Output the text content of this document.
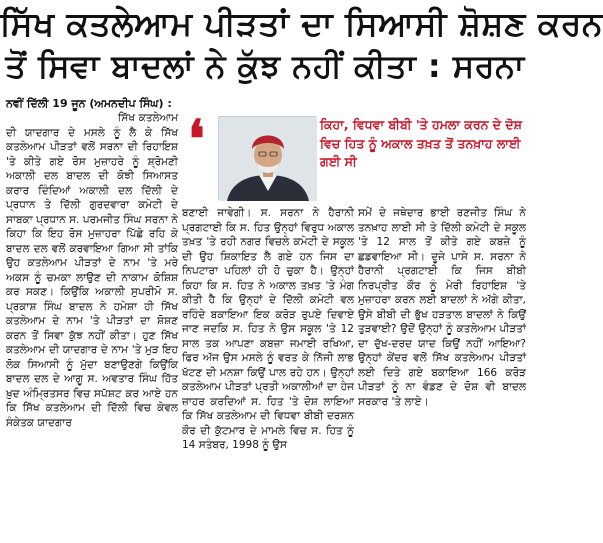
ਸਿੱਖ ਕਤਲੇਆਮ ਪੀੜਤਾਂ ਦਾ ਸਿਆਸੀ ਸ਼ੋਸ਼ਣ ਕਰਨ
ਤੋਂ ਸਿਵਾ ਬਾਦਲਾਂ ਨੇ ਕੁੱਝ ਨਹੀਂ ਕੀਤਾ : ਸਰਨਾ
ਨਵੀਂ ਦਿੱਲੀ 19 ਜੂਨ (ਅਮਨਦੀਪ ਸਿੰਘ) :

ਸਿੱਖ ਕਤਲੇਆਮ ਦੀ ਯਾਦਗਾਰ ਦੇ ਮਸਲੇ ਨੂੰ ਲੈ ਕੇ ਸਿੱਖ ਕਤਲੇਆਮ ਪੀੜਤਾਂ ਵਲੋਂ ਸਰਨਾ ਦੀ ਰਿਹਾਇਸ਼ 'ਤੇ ਕੀਤੇ ਗਏ ਰੋਸ ਮੁਜ਼ਾਹਰੇ ਨੂੰ ਸ਼੍ਰੋਮਣੀ ਅਕਾਲੀ ਦਲ ਬਾਦਲ ਦੀ ਕੋਝੀ ਸਿਆਸਤ ਕਰਾਰ ਦਿੰਦਿਆਂ ਅਕਾਲੀ ਦਲ ਦਿੱਲੀ ਦੇ ਪ੍ਰਧਾਨ ਤੇ ਦਿੱਲੀ ਗੁਰਦਵਾਰਾ ਕਮੇਟੀ ਦੇ ਸਾਬਕਾ ਪ੍ਰਧਾਨ ਸ. ਪਰਮਜੀਤ ਸਿੰਘ ਸਰਨਾ ਨੇ ਕਿਹਾ ਕਿ ਇਹ ਰੋਸ ਮੁਜ਼ਾਹਰਾ ਪਿੱਛੇ ਰਹਿ ਕੇ ਬਾਦਲ ਦਲ ਵਲੋਂ ਕਰਵਾਇਆ ਗਿਆ ਸੀ ਤਾਂਕਿ ਉਹ ਕਤਲੇਆਮ ਪੀੜਤਾਂ ਦੇ ਨਾਮ 'ਤੇ ਮਰੇ ਅਕਸ ਨੂੰ ਚਮਕਾ ਲਾਉਣ ਦੀ ਨਾਕਾਮ ਕੋਸ਼ਿਸ਼ ਕਰ ਸਕਣ। ਕਿਉਂਕਿ ਅਕਾਲੀ ਸੁਪਰੀਮੋ ਸ. ਪ੍ਰਕਾਸ਼ ਸਿੰਘ ਬਾਦਲ ਨੇ ਹਮੇਸ਼ਾ ਹੀ ਸਿੱਖ ਕਤਲੇਆਮ ਦੇ ਨਾਮ 'ਤੇ ਪੀੜਤਾਂ ਦਾ ਸ਼ੋਸ਼ਣ ਕਰਨ ਤੋਂ ਸਿਵਾ ਕੁੱਝ ਨਹੀਂ ਕੀਤਾ। ਹੁਣ ਸਿੱਖ ਕਤਲੇਆਮ ਦੀ ਯਾਦਗਾਰ ਦੇ ਨਾਮ 'ਤੇ ਮੁੜ ਇਹ ਲੋਕ ਸਿਆਸੀ ਨੂੰ ਮੁੱਦਾ ਬਣਾਉਣਗੇ ਕਿਉਂਕਿ ਬਾਦਲ ਦਲ ਦੇ ਆਗੂ ਸ. ਅਵਤਾਰ ਸਿੰਘ ਹਿੱਤ ਖ਼ੁਦ ਅੰਮ੍ਰਿਤਸਰ ਵਿਚ ਸਪੱਸ਼ਟ ਕਰ ਆਏ ਹਨ ਕਿ ਸਿੱਖ ਕਤਲੇਆਮ ਦੀ ਦਿੱਲੀ ਵਿਚ ਕੇਵਲ ਸੰਕੇਤਕ ਯਾਦਗਾਰ

❛	ਕਿਹਾ, ਵਿਧਵਾ ਬੀਬੀ 'ਤੇ ਹਮਲਾ ਕਰਨ ਦੇ ਦੋਸ਼ ਵਿਚ ਹਿਤ ਨੂੰ ਅਕਾਲ ਤਖ਼ਤ ਤੋਂ ਤਨਖ਼ਾਹ ਲਾਈ ਗਈ ਸੀ

ਬਣਾਈ ਜਾਵੇਗੀ। ਸ. ਸਰਨਾ ਨੇ ਹੈਰਾਨੀ ਪ੍ਰਗਟਾਈ ਕਿ ਸ. ਹਿਤ ਉਨ੍ਹਾਂ ਵਿਰੁਧ ਅਕਾਲ ਤਖ਼ਤ 'ਤੇ ਰਹੀ ਨਗਰ ਵਿਚਲੇ ਕਮੇਟੀ ਦੇ ਸਕੂਲ ਦੀ ਉਹ ਸ਼ਿਕਾਇਤ ਲੈ ਗਏ ਹਨ ਜਿਸ ਦਾ ਨਿਪਟਾਰਾ ਪਹਿਲਾਂ ਹੀ ਹੋ ਚੁਕਾ ਹੈ। ਉਨ੍ਹਾਂ ਕਿਹਾ ਕਿ ਸ. ਹਿਤ ਨੇ ਅਕਾਲ ਤਖ਼ਤ 'ਤੇ ਮੰਗ ਕੀਤੀ ਹੈ ਕਿ ਉਨ੍ਹਾਂ ਦੇ ਦਿੱਲੀ ਕਮੇਟੀ ਵਲ ਰਹਿੰਦੇ ਬਕਾਇਆ ਇਕ ਕਰੋੜ ਰੁਪਏ ਦਿਵਾਏ ਜਾਣ ਜਦਕਿ ਸ. ਹਿਤ ਨੇ ਉਸ ਸਕੂਲ 'ਤੇ 12 ਸਾਲ ਤਕ ਆਪਣਾ ਕਬਜ਼ਾ ਜਮਾਈ ਰਖਿਆ, ਫਿਰ ਅੱਜ ਉਸ ਮਸਲੇ ਨੂੰ ਵਰਤ ਕੇ ਨਿੱਜੀ ਲਾਭ ਖੱਟਣ ਦੀ ਮਨਸ਼ਾ ਕਿਉਂ ਪਾਲ ਰਹੇ ਹਨ। ਉਨ੍ਹਾਂ ਕਤਲੇਆਮ ਪੀੜਤਾਂ ਪ੍ਰਤੀ ਅਕਾਲੀਆਂ ਦਾ ਹੇਜ ਜ਼ਾਹਰ ਕਰਦਿਆਂ ਸ. ਹਿਤ 'ਤੇ ਦੋਸ਼ ਲਾਇਆ ਕਿ ਸਿੱਖ ਕਤਲੇਆਮ ਦੀ ਵਿਧਵਾ ਬੀਬੀ ਦਰਸ਼ਨ ਕੌਰ ਦੀ ਕੁੱਟਮਾਰ ਦੇ ਮਾਮਲੇ ਵਿਚ ਸ. ਹਿਤ ਨੂੰ 14 ਸਤੰਬਰ, 1998 ਨੂੰ ਉਸ

ਸਮੇਂ ਦੇ ਜਥੇਦਾਰ ਭਾਈ ਰਣਜੀਤ ਸਿੰਘ ਨੇ ਤਨਖ਼ਾਹ ਲਾਈ ਸੀ ਤੇ ਦਿੱਲੀ ਕਮੇਟੀ ਦੇ ਸਕੂਲ 'ਤੇ 12 ਸਾਲ ਤੋਂ ਕੀਤੇ ਗਏ ਕਬਜ਼ੇ ਨੂੰ ਛਡਵਾਇਆ ਸੀ। ਦੂਜੇ ਪਾਸੇ ਸ. ਸਰਨਾ ਨੇ ਹੈਰਾਨੀ ਪ੍ਰਗਟਾਈ ਕਿ ਜਿਸ ਬੀਬੀ ਨਿਰਪ੍ਰੀਤ ਕੌਰ ਨੂੰ ਮੇਰੀ ਰਿਹਾਇਸ਼ 'ਤੇ ਮੁਜ਼ਾਹਰਾ ਕਰਨ ਲਈ ਬਾਦਲਾਂ ਨੇ ਅੱਗੇ ਕੀਤਾ, ਉਸੇ ਬੀਬੀ ਦੀ ਭੁੱਖ ਹੜਤਾਲ ਬਾਦਲਾਂ ਨੇ ਕਿਉਂ ਤੁੜਵਾਈ? ਉਦੋਂ ਉਨ੍ਹਾਂ ਨੂੰ ਕਤਲੇਆਮ ਪੀੜਤਾਂ ਦਾ ਦੁੱਖ-ਦਰਦ ਯਾਦ ਕਿਉਂ ਨਹੀਂ ਆਇਆ? ਉਨ੍ਹਾਂ ਕੇਂਦਰ ਵਲੋਂ ਸਿੱਖ ਕਤਲੇਆਮ ਪੀੜਤਾਂ ਲਈ ਦਿਤੇ ਗਏ ਬਕਾਇਆ 166 ਕਰੋੜ ਪੀੜਤਾਂ ਨੂੰ ਨਾ ਵੰਡਣ ਦੇ ਦੋਸ਼ ਵੀ ਬਾਦਲ ਸਰਕਾਰ 'ਤੇ ਲਾਏ।
